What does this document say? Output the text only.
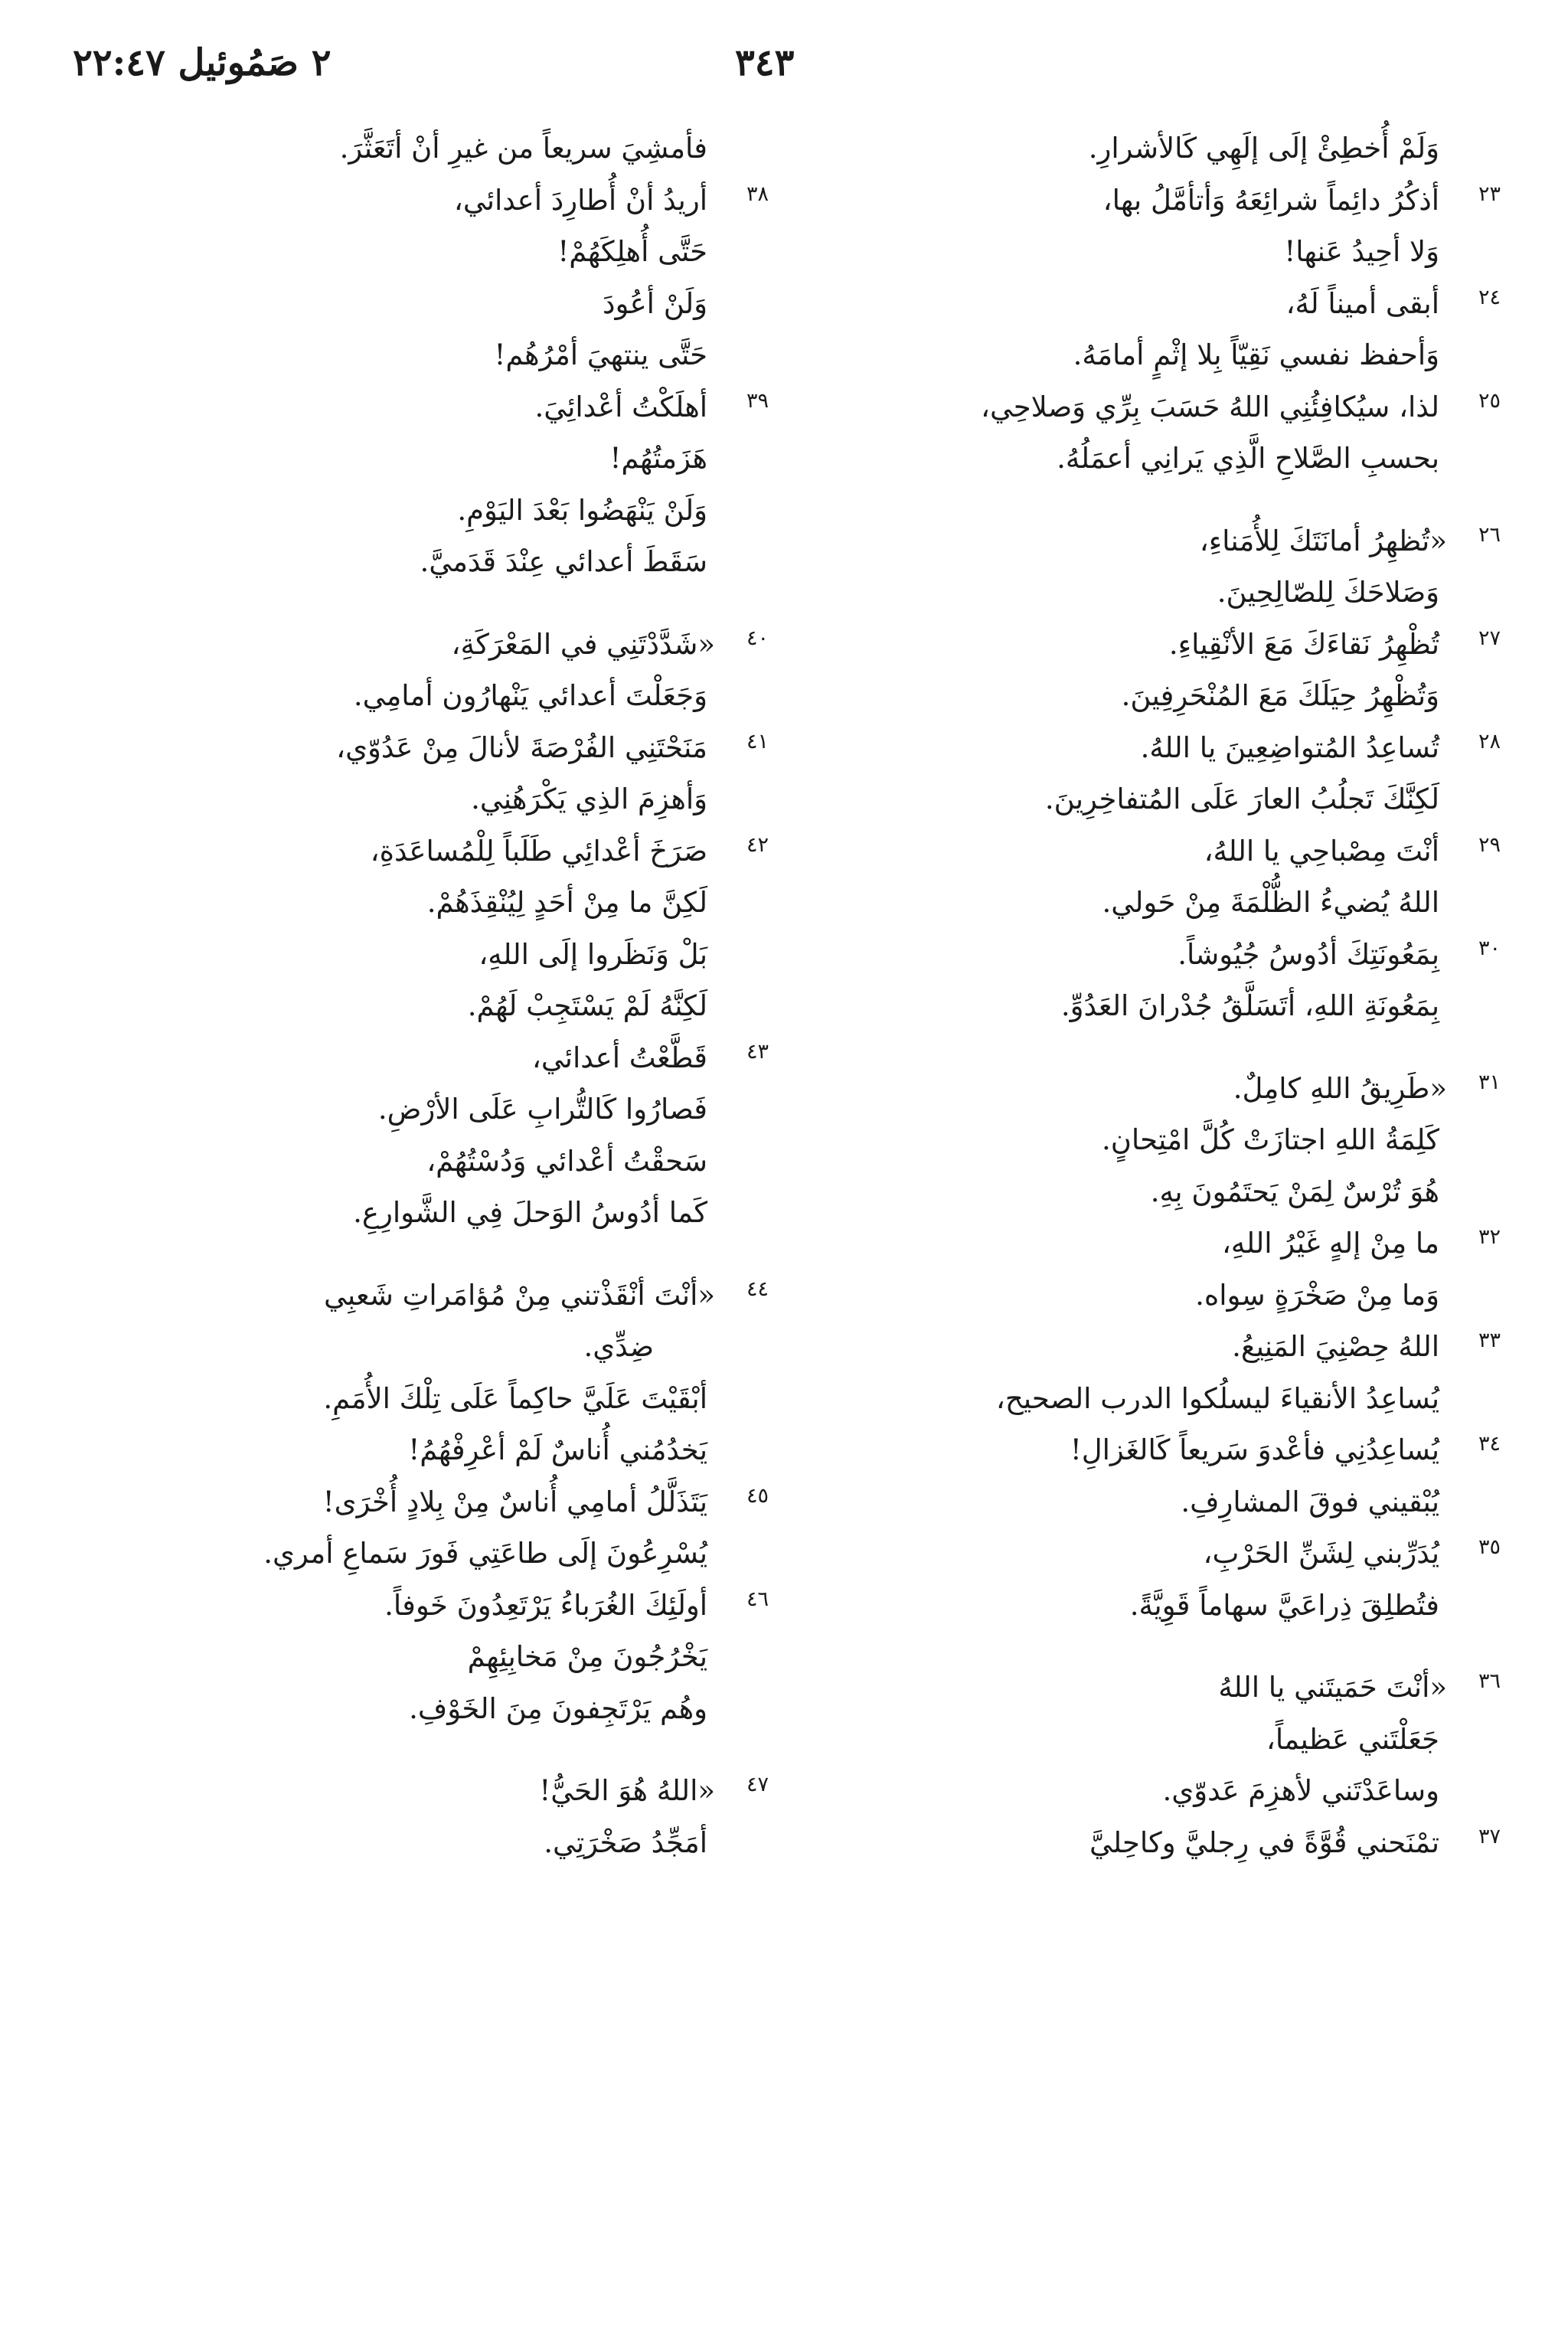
٣٤٣
٢ صَمُوئيل ٢٢:٤٧
وَلَمْ أُخطِئْ إلَى إلَهِي كَالأشرارِ.
٢٣
أذكُرُ دائِماً شرائِعَهُ وَأتأمَّلُ بها،
وَلا أحِيدُ عَنها!
٢٤
أبقى أميناً لَهُ،
وَأحفظ نفسي نَقِيّاً بِلا إثْمٍ أمامَهُ.
٢٥
لذا، سيُكافِئُنِي اللهُ حَسَبَ بِرِّي وَصلاحِي،
بحسبِ الصَّلاحِ الَّذِي يَرانِي أعمَلُهُ.
٢٦
«تُظهِرُ أمانَتَكَ لِلأُمَناءِ،
وَصَلاحَكَ لِلصّالِحِينَ.
٢٧
تُظْهِرُ نَقاءَكَ مَعَ الأنْقِياءِ.
وَتُظْهِرُ حِيَلَكَ مَعَ المُنْحَرِفِينَ.
٢٨
تُساعِدُ المُتواضِعِينَ يا اللهُ.
لَكِنَّكَ تَجلُبُ العارَ عَلَى المُتفاخِرِينَ.
٢٩
أنْتَ مِصْباحِي يا اللهُ،
اللهُ يُضيءُ الظُّلْمَةَ مِنْ حَولي.
٣٠
بِمَعُونَتِكَ أدُوسُ جُيُوشاً.
بِمَعُونَةِ اللهِ، أتَسَلَّقُ جُدْرانَ العَدُوِّ.
٣١
«طَرِيقُ اللهِ كامِلٌ.
كَلِمَةُ اللهِ اجتازَتْ كُلَّ امْتِحانٍ.
هُوَ تُرْسٌ لِمَنْ يَحتَمُونَ بِهِ.
٣٢
ما مِنْ إلهٍ غَيْرُ اللهِ،
وَما مِنْ صَخْرَةٍ سِواه.
٣٣
اللهُ حِصْنِيَ المَنِيعُ.
يُساعِدُ الأنقياءَ ليسلُكوا الدرب الصحيح،
٣٤
يُساعِدُنِي فأعْدوَ سَريعاً كَالغَزالِ!
يُبْقيني فوقَ المشارِفِ.
٣٥
يُدَرِّبني لِشَنِّ الحَرْبِ،
فتُطلِقَ ذِراعَيَّ سهاماً قَوِيَّةً.
٣٦
«أنْتَ حَمَيتَني يا اللهُ
جَعَلْتَني عَظيماً،
وساعَدْتَني لأهزِمَ عَدوّي.
٣٧
تمْنَحني قُوَّةً في رِجليَّ وكاحِليَّ
فأمشِيَ سريعاً من غيرِ أنْ أتَعَثَّرَ.
٣٨
أريدُ أنْ أُطارِدَ أعدائي،
حَتَّى أُهلِكَهُمْ!
وَلَنْ أعُودَ
حَتَّى ينتهيَ أمْرُهُم!
٣٩
أهلَكْتُ أعْدائِيَ.
هَزَمتُهُم!
وَلَنْ يَنْهَضُوا بَعْدَ اليَوْمِ.
سَقَطَ أعدائي عِنْدَ قَدَميَّ.
٤٠
«شَدَّدْتَنِي في المَعْرَكَةِ،
وَجَعَلْتَ أعدائي يَنْهارُون أمامِي.
٤١
مَنَحْتَنِي الفُرْصَةَ لأنالَ مِنْ عَدُوّي،
وَأهزِمَ الذِي يَكْرَهُنِي.
٤٢
صَرَخَ أعْدائِي طَلَباً لِلْمُساعَدَةِ،
لَكِنَّ ما مِنْ أحَدٍ لِيُنْقِذَهُمْ.
بَلْ وَنَظَروا إلَى اللهِ،
لَكِنَّهُ لَمْ يَسْتَجِبْ لَهُمْ.
٤٣
قَطَّعْتُ أعدائي،
فَصارُوا كَالتُّرابِ عَلَى الأرْضِ.
سَحقْتُ أعْدائي وَدُسْتُهُمْ،
كَما أدُوسُ الوَحلَ فِي الشَّوارِعِ.
٤٤
«أنْتَ أنْقَذْتني مِنْ مُؤامَراتِ شَعبِي
ضِدِّي.
أبْقَيْتَ عَلَيَّ حاكِماً عَلَى تِلْكَ الأُمَمِ.
يَخدُمُني أُناسٌ لَمْ أعْرِفْهُمُ!
٤٥
يَتَذَلَّلُ أمامِي أُناسٌ مِنْ بِلادٍ أُخْرَى!
يُسْرِعُونَ إلَى طاعَتِي فَورَ سَماعِ أمري.
٤٦
أولَئِكَ الغُرَباءُ يَرْتَعِدُونَ خَوفاً.
يَخْرُجُونَ مِنْ مَخابِئِهِمْ
وهُم يَرْتَجِفونَ مِنَ الخَوْفِ.
٤٧
«اللهُ هُوَ الحَيُّ!
أمَجِّدُ صَخْرَتِي.
